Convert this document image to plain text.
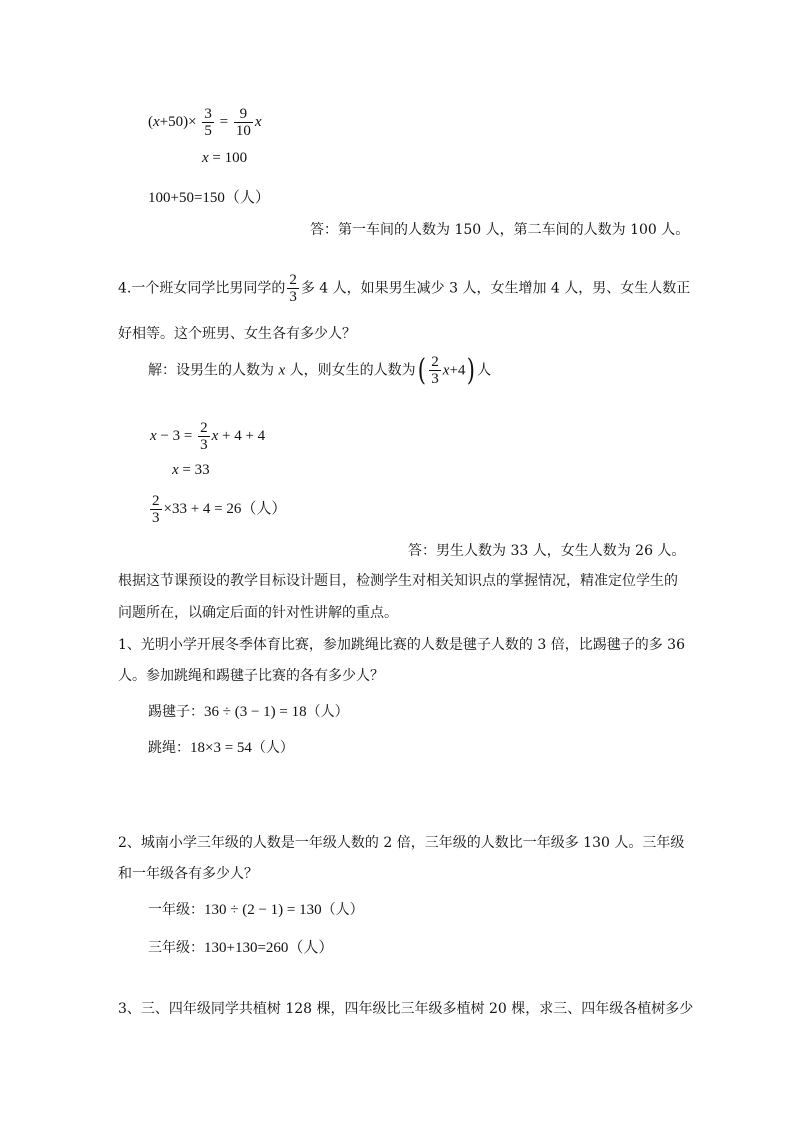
$(x+50)\times \frac{3}{5} = \frac{9}{10}$ x
x = 100
100+50=150（人）
答：第一车间的人数为 150 人，第二车间的人数为 100 人。
4.一个班女同学比男同学的 $\frac{2}{3}$ 多 4 人，如果男生减少 3 人，女生增加 4 人，男、女生人数正
好相等。这个班男、女生各有多少人？
解：设男生的人数为 x 人，则女生的人数为( $\frac{2}{3} x+4$) 人
$x - 3 = \frac{2}{3}$ x + 4 + 4
x = 33
$\frac{2}{3} \times 33 + 4 = 26$（人）
答：男生人数为 33 人，女生人数为 26 人。
根据这节课预设的教学目标设计题目，检测学生对相关知识点的掌握情况，精准定位学生的
问题所在，以确定后面的针对性讲解的重点。
1、光明小学开展冬季体育比赛，参加跳绳比赛的人数是毽子人数的 3 倍，比踢毽子的多 36
人。参加跳绳和踢毽子比赛的各有多少人？
踢毽子：36 ÷ (3 − 1) = 18（人）
跳绳：18×3 = 54（人）
2、城南小学三年级的人数是一年级人数的 2 倍，三年级的人数比一年级多 130 人。三年级
和一年级各有多少人？
一年级：130 ÷ (2 − 1) = 130（人）
三年级：130+130=260（人）
3、三、四年级同学共植树 128 棵，四年级比三年级多植树 20 棵，求三、四年级各植树多少
